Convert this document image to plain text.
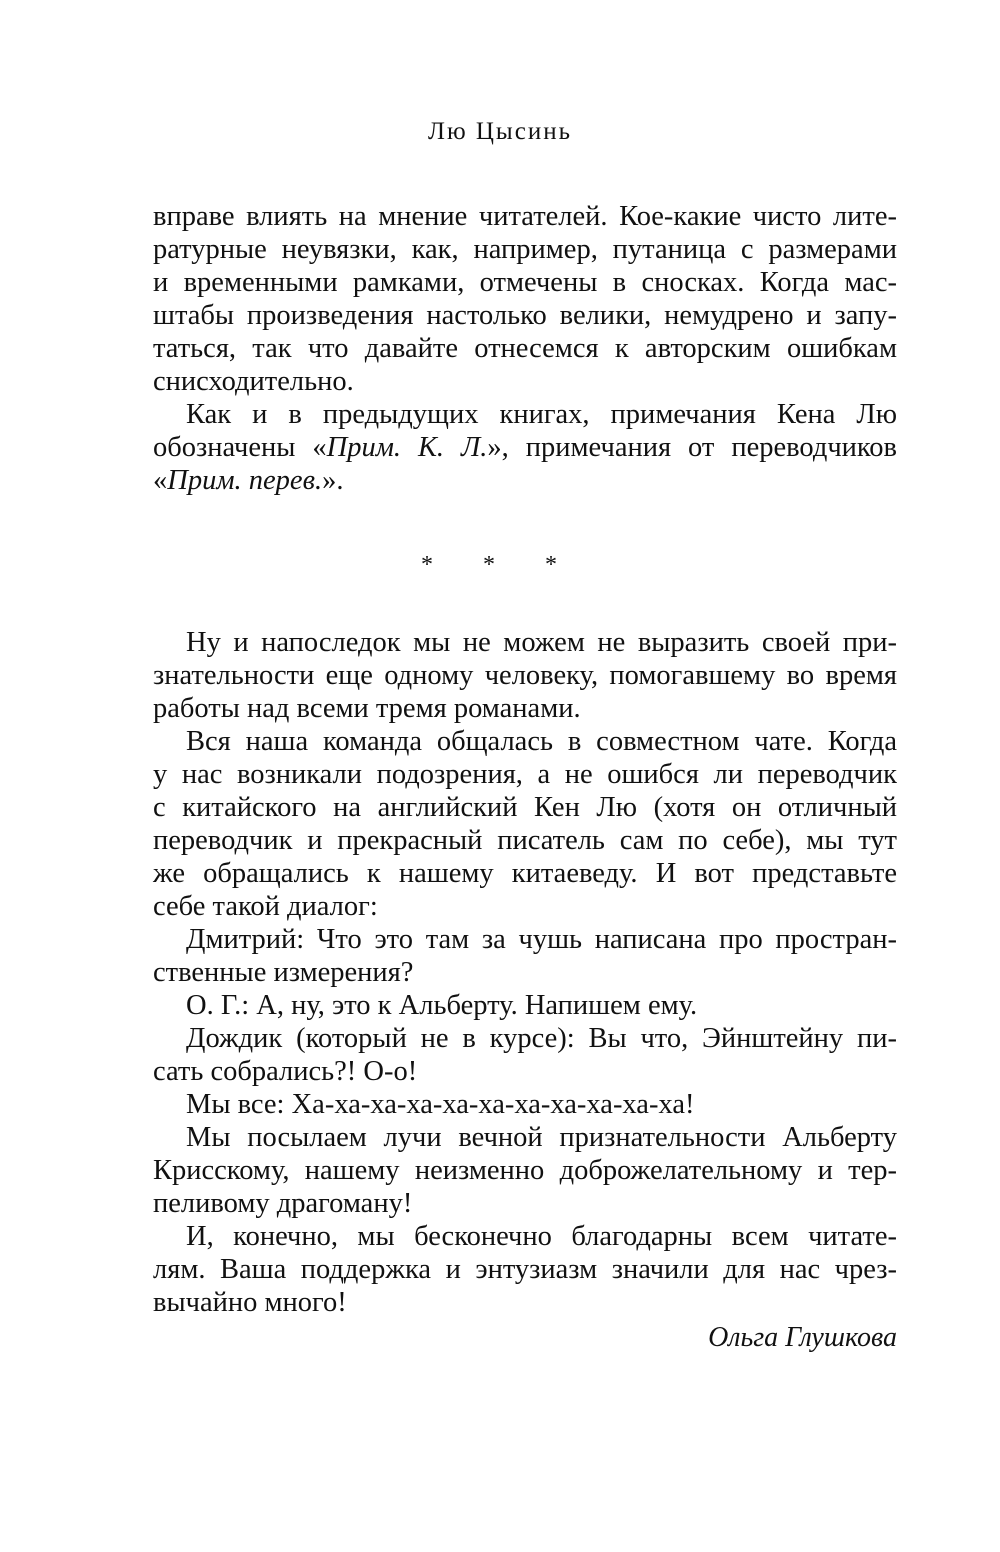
Лю Цысинь
вправе влиять на мнение читателей. Кое-какие чисто лите-
ратурные неувязки, как, например, путаница с размерами
и временными рамками, отмечены в сносках. Когда мас-
штабы произведения настолько велики, немудрено и запу-
таться, так что давайте отнесемся к авторским ошибкам
снисходительно.
Как и в предыдущих книгах, примечания Кена Лю
обозначены «Прим. К. Л.», примечания от переводчиков
«Прим. перев.».
* * *
Ну и напоследок мы не можем не выразить своей при-
знательности еще одному человеку, помогавшему во время
работы над всеми тремя романами.
Вся наша команда общалась в совместном чате. Когда
у нас возникали подозрения, а не ошибся ли переводчик
с китайского на английский Кен Лю (хотя он отличный
переводчик и прекрасный писатель сам по себе), мы тут
же обращались к нашему китаеведу. И вот представьте
себе такой диалог:
Дмитрий: Что это там за чушь написана про простран-
ственные измерения?
О. Г.: А, ну, это к Альберту. Напишем ему.
Дождик (который не в курсе): Вы что, Эйнштейну пи-
сать собрались?! О-о!
Мы все: Ха-ха-ха-ха-ха-ха-ха-ха-ха-ха-ха!
Мы посылаем лучи вечной признательности Альберту
Крисскому, нашему неизменно доброжелательному и тер-
пеливому драгоману!
И, конечно, мы бесконечно благодарны всем читате-
лям. Ваша поддержка и энтузиазм значили для нас чрез-
вычайно много!
Ольга Глушкова
